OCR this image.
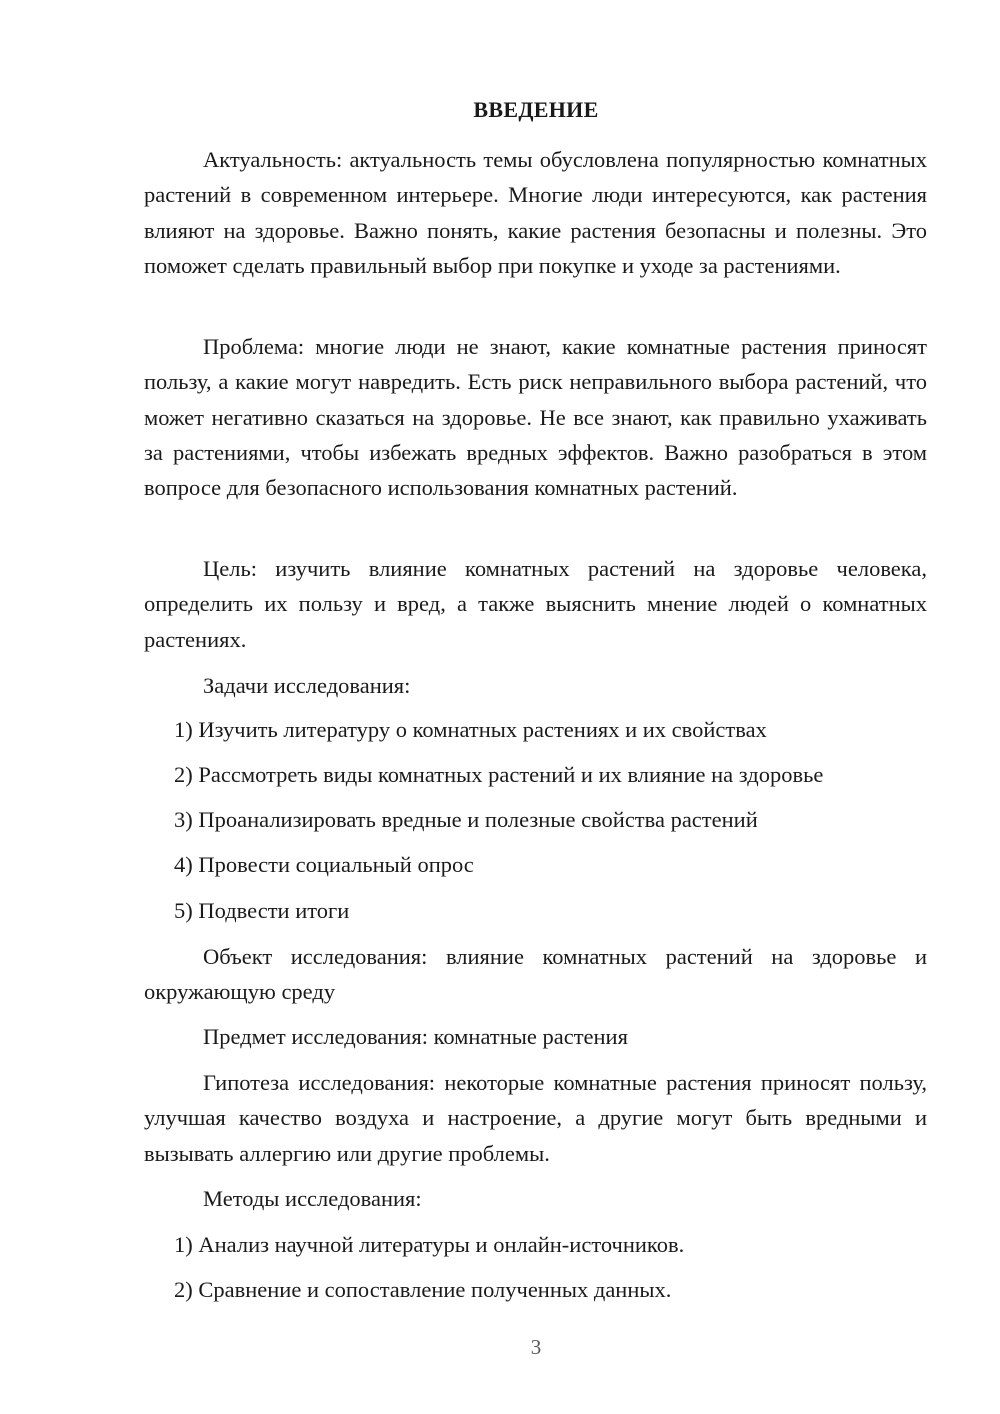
ВВЕДЕНИЕ

Актуальность: актуальность темы обусловлена популярностью комнатных растений в современном интерьере. Многие люди интересуются, как растения влияют на здоровье. Важно понять, какие растения безопасны и полезны. Это поможет сделать правильный выбор при покупке и уходе за растениями.

Проблема: многие люди не знают, какие комнатные растения приносят пользу, а какие могут навредить. Есть риск неправильного выбора растений, что может негативно сказаться на здоровье. Не все знают, как правильно ухаживать за растениями, чтобы избежать вредных эффектов. Важно разобраться в этом вопросе для безопасного использования комнатных растений.

Цель: изучить влияние комнатных растений на здоровье человека, определить их пользу и вред, а также выяснить мнение людей о комнатных растениях.

Задачи исследования:

1) Изучить литературу о комнатных растениях и их свойствах

2) Рассмотреть виды комнатных растений и их влияние на здоровье

3) Проанализировать вредные и полезные свойства растений

4) Провести социальный опрос

5) Подвести итоги

Объект исследования: влияние комнатных растений на здоровье и окружающую среду

Предмет исследования: комнатные растения

Гипотеза исследования: некоторые комнатные растения приносят пользу, улучшая качество воздуха и настроение, а другие могут быть вредными и вызывать аллергию или другие проблемы.

Методы исследования:

1) Анализ научной литературы и онлайн-источников.

2) Сравнение и сопоставление полученных данных.

3
